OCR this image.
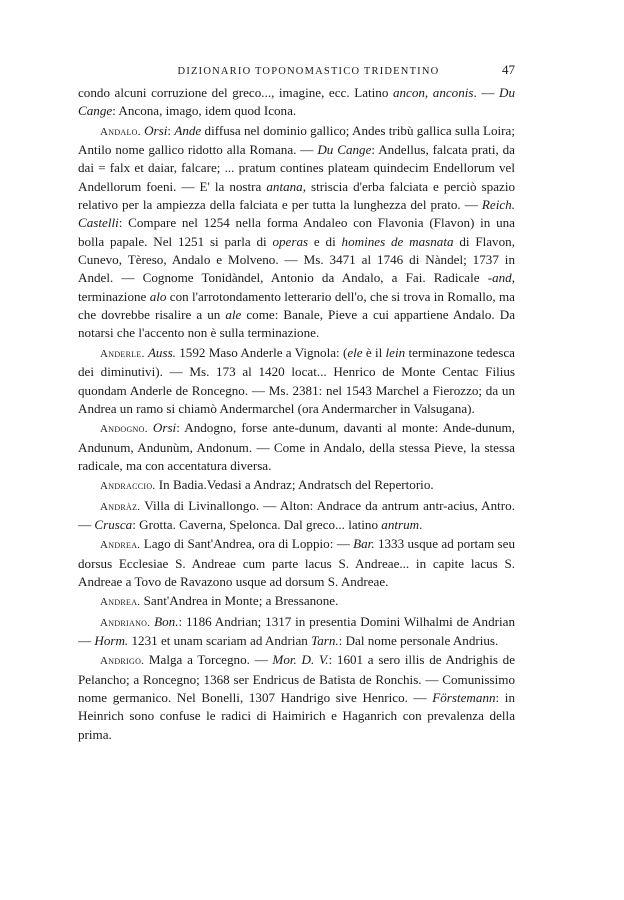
DIZIONARIO TOPONOMASTICO TRIDENTINO	47

condo alcuni corruzione del greco..., imagine, ecc. Latino ancon, anconis. — Du Cange: Ancona, imago, idem quod Icona.

Andalo. Orsi: Ande diffusa nel dominio gallico; Andes tribù gallica sulla Loira; Antilo nome gallico ridotto alla Romana. — Du Cange: Andellus, falcata prati, da dai = falx et daiar, falcare; ... pratum contines plateam quindecim Endellorum vel Andellorum foeni. — E' la nostra antana, striscia d'erba falciata e perciò spazio relativo per la ampiezza della falciata e per tutta la lunghezza del prato. — Reich. Castelli: Compare nel 1254 nella forma Andaleo con Flavonia (Flavon) in una bolla papale. Nel 1251 si parla di operas e di homines de masnata di Flavon, Cunevo, Tèreso, Andalo e Molveno. — Ms. 3471 al 1746 di Nàndel; 1737 in Andel. — Cognome Tonidàndel, Antonio da Andalo, a Fai. Radicale -and, terminazione alo con l'arrotondamento letterario dell'o, che si trova in Romallo, ma che dovrebbe risalire a un ale come: Banale, Pieve a cui appartiene Andalo. Da notarsi che l'accento non è sulla terminazione.

Anderle. Auss. 1592 Maso Anderle a Vignola: (ele è il lein terminazone tedesca dei diminutivi). — Ms. 173 al 1420 locat... Henrico de Monte Centac Filius quondam Anderle de Roncegno. — Ms. 2381: nel 1543 Marchel a Fierozzo; da un Andrea un ramo si chiamò Andermarchel (ora Andermarcher in Valsugana).

Andogno. Orsi: Andogno, forse ante-dunum, davanti al monte: Ande-dunum, Andunum, Andunùm, Andonum. — Come in Andalo, della stessa Pieve, la stessa radicale, ma con accentatura diversa.

Andraccio. In Badia.Vedasi a Andraz; Andratsch del Repertorio.

Andràz. Villa di Livinallongo. — Alton: Andrace da antrum antr-acius, Antro. — Crusca: Grotta. Caverna, Spelonca. Dal greco... latino antrum.

Andrea. Lago di Sant'Andrea, ora di Loppio: — Bar. 1333 usque ad portam seu dorsus Ecclesiae S. Andreae cum parte lacus S. Andreae... in capite lacus S. Andreae a Tovo de Ravazono usque ad dorsum S. Andreae.

Andrea. Sant'Andrea in Monte; a Bressanone.

Andriano. Bon.: 1186 Andrian; 1317 in presentia Domini Wilhalmi de Andrian — Horm. 1231 et unam scariam ad Andrian Tarn.: Dal nome personale Andrius.

Andrigo. Malga a Torcegno. — Mor. D. V.: 1601 a sero illis de Andrighis de Pelancho; a Roncegno; 1368 ser Endricus de Batista de Ronchis. — Comunissimo nome germanico. Nel Bonelli, 1307 Handrigo sive Henrico. — Förstemann: in Heinrich sono confuse le radici di Haimirich e Haganrich con prevalenza della prima.
